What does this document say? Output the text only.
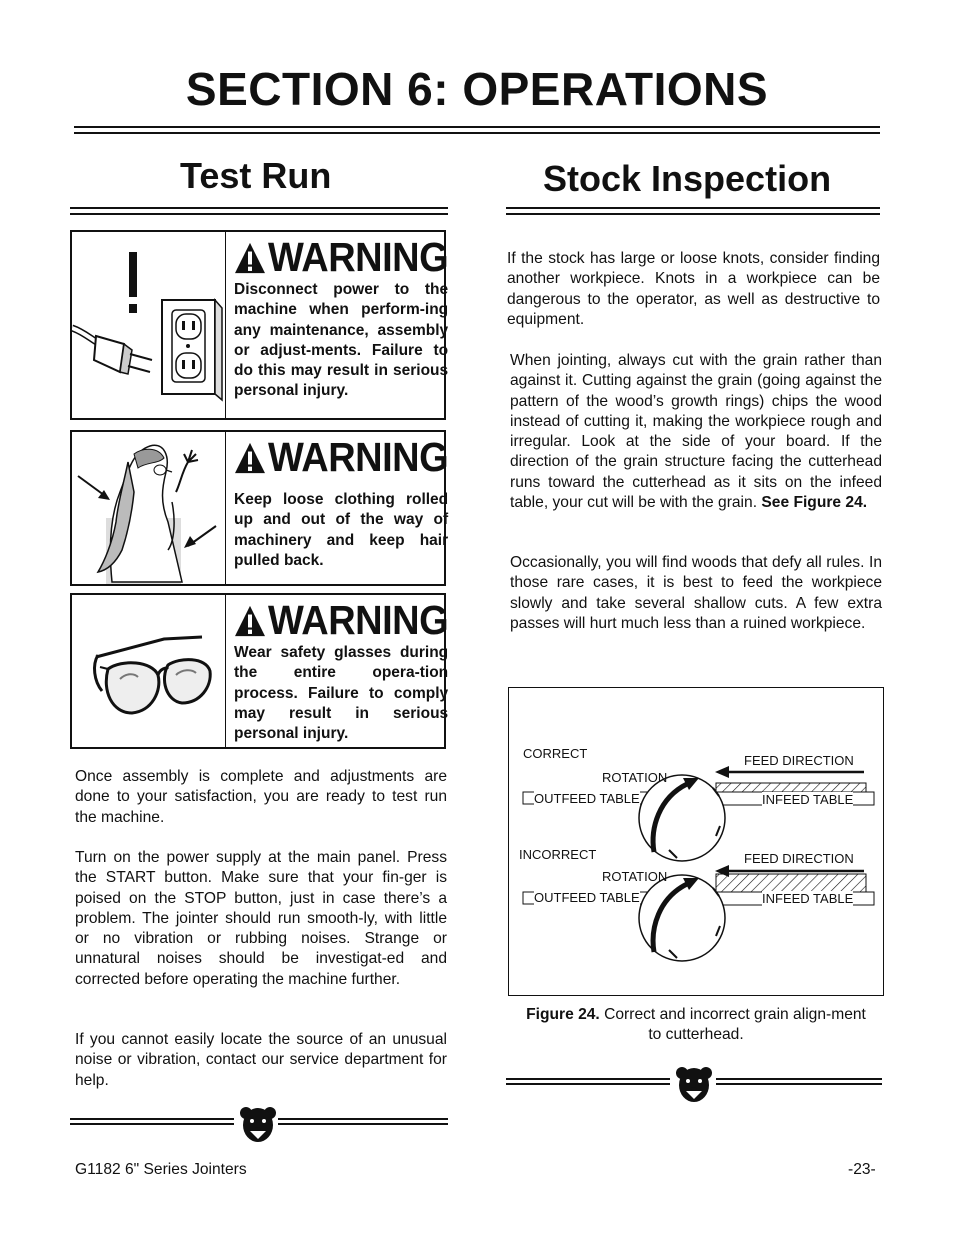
SECTION 6: OPERATIONS
Test Run
WARNING
Disconnect power to the machine when perform-ing any maintenance, assembly or adjust-ments. Failure to do this may result in serious personal injury.
WARNING
Keep loose clothing rolled up and out of the way of machinery and keep hair pulled back.
WARNING
Wear safety glasses during the entire opera-tion process. Failure to comply may result in serious personal injury.
Once assembly is complete and adjustments are done to your satisfaction, you are ready to test run the machine.
Turn on the power supply at the main panel. Press the START button. Make sure that your fin-ger is poised on the STOP button, just in case there’s a problem. The jointer should run smooth-ly, with little or no vibration or rubbing noises. Strange or unnatural noises should be investigat-ed and corrected before operating the machine further.
If you cannot easily locate the source of an unusual noise or vibration, contact our service department for help.
Stock Inspection
If the stock has large or loose knots, consider finding another workpiece. Knots in a workpiece can be dangerous to the operator, as well as destructive to equipment.
When jointing, always cut with the grain rather than against it. Cutting against the grain (going against the pattern of the wood’s growth rings) chips the wood instead of cutting it, making the workpiece rough and irregular. Look at the side of your board. If the direction of the grain structure facing the cutterhead runs toward the cutterhead as it sits on the infeed table, your cut will be with the grain. See Figure 24.
Occasionally, you will find woods that defy all rules. In those rare cases, it is best to feed the workpiece slowly and take several shallow cuts. A few extra passes will hurt much less than a ruined workpiece.
CORRECT
ROTATION
FEED DIRECTION
OUTFEED TABLE	INFEED TABLE
INCORRECT
ROTATION
FEED DIRECTION
OUTFEED TABLE	INFEED TABLE
Figure 24. Correct and incorrect grain align-ment to cutterhead.
G1182 6" Series Jointers	-23-
